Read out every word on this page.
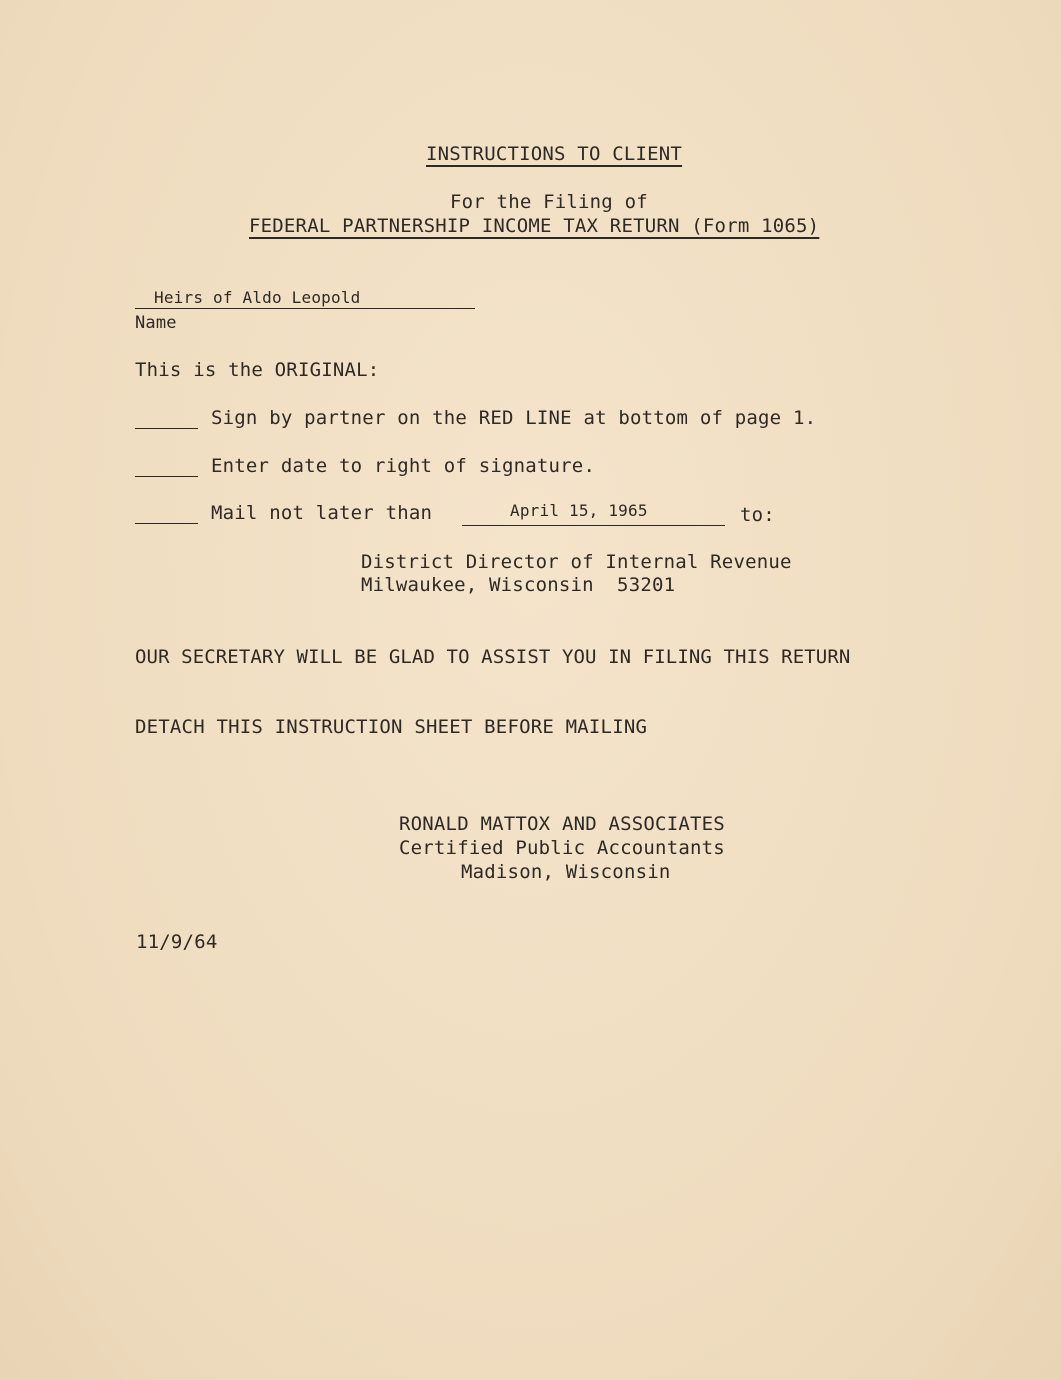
INSTRUCTIONS TO CLIENT
For the Filing of
FEDERAL PARTNERSHIP INCOME TAX RETURN (Form 1065)
Heirs of Aldo Leopold
Name
This is the ORIGINAL:
Sign by partner on the RED LINE at bottom of page 1.
Enter date to right of signature.
Mail not later than	April 15, 1965	to:
District Director of Internal Revenue
Milwaukee, Wisconsin  53201
OUR SECRETARY WILL BE GLAD TO ASSIST YOU IN FILING THIS RETURN
DETACH THIS INSTRUCTION SHEET BEFORE MAILING
RONALD MATTOX AND ASSOCIATES
Certified Public Accountants
Madison, Wisconsin
11/9/64
